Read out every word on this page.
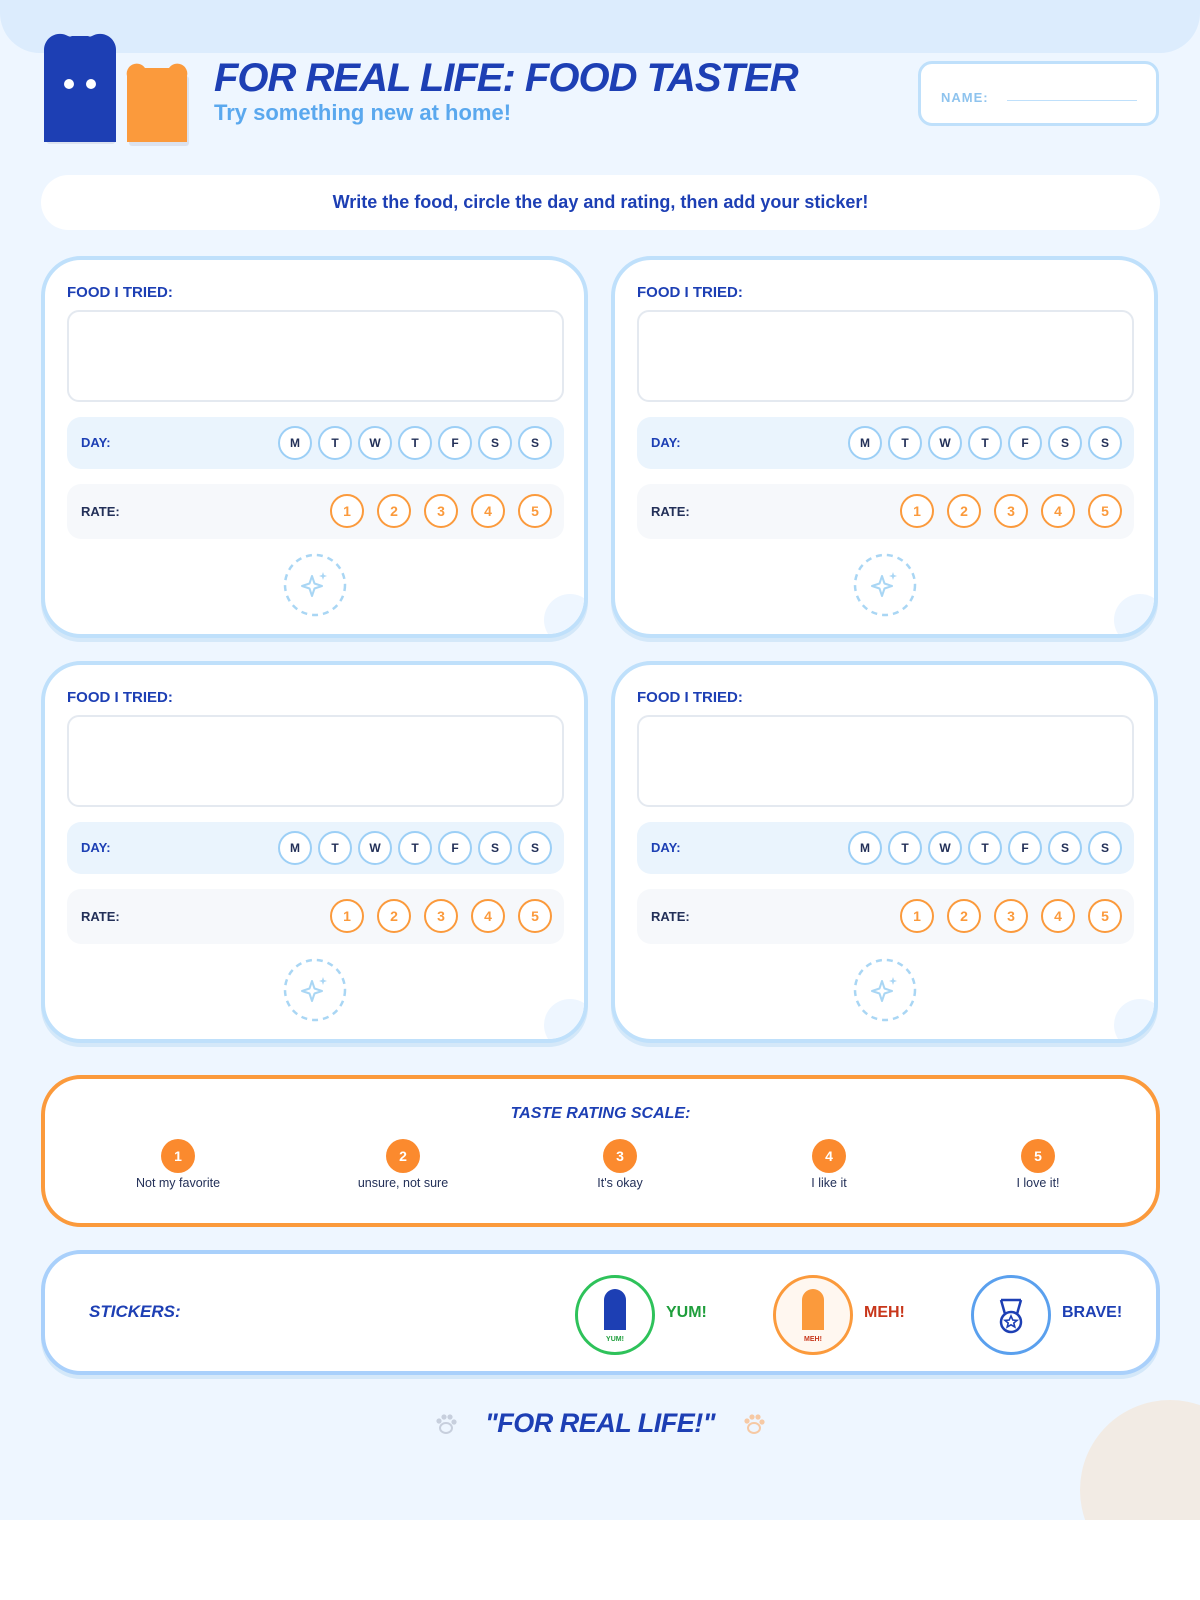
FOR REAL LIFE: FOOD TASTER
Try something new at home!
NAME:
Write the food, circle the day and rating, then add your sticker!
FOOD I TRIED:
DAY:	M	T	W	T	F	S	S
RATE:	1	2	3	4	5
FOOD I TRIED:
DAY:	M	T	W	T	F	S	S
RATE:	1	2	3	4	5
FOOD I TRIED:
DAY:	M	T	W	T	F	S	S
RATE:	1	2	3	4	5
FOOD I TRIED:
DAY:	M	T	W	T	F	S	S
RATE:	1	2	3	4	5
TASTE RATING SCALE:
1
Not my favorite
2
unsure, not sure
3
It's okay
4
I like it
5
I love it!
STICKERS:
YUM!
YUM!
MEH!
MEH!	BRAVE!
"FOR REAL LIFE!"
